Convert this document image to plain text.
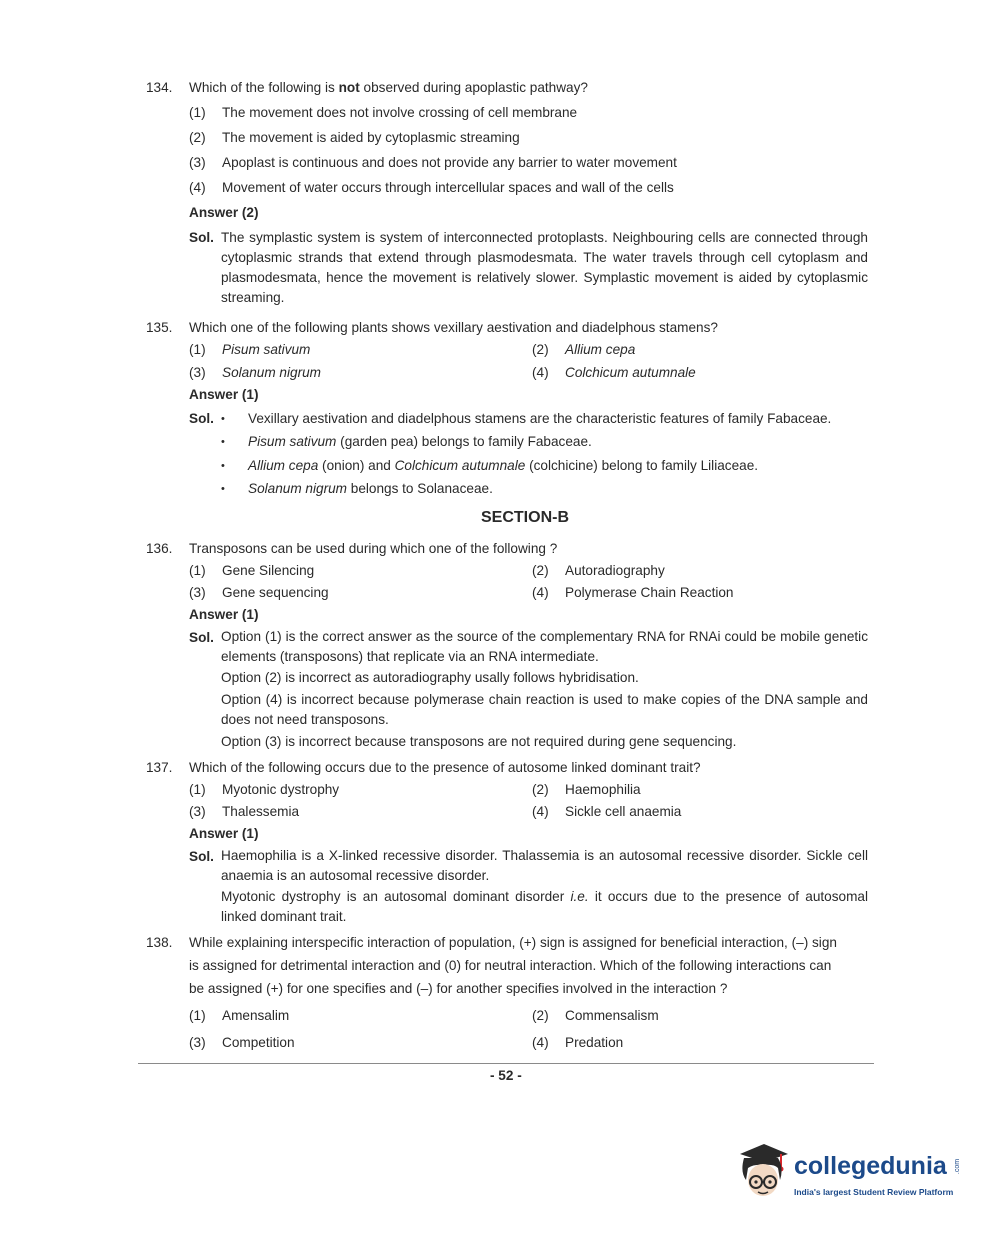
134. Which of the following is not observed during apoplastic pathway?
(1) The movement does not involve crossing of cell membrane
(2) The movement is aided by cytoplasmic streaming
(3) Apoplast is continuous and does not provide any barrier to water movement
(4) Movement of water occurs through intercellular spaces and wall of the cells
Answer (2)
Sol. The symplastic system is system of interconnected protoplasts. Neighbouring cells are connected through cytoplasmic strands that extend through plasmodesmata. The water travels through cell cytoplasm and plasmodesmata, hence the movement is relatively slower. Symplastic movement is aided by cytoplasmic streaming.
135. Which one of the following plants shows vexillary aestivation and diadelphous stamens?
(1) Pisum sativum	(2) Allium cepa
(3) Solanum nigrum	(4) Colchicum autumnale
Answer (1)
Sol. • Vexillary aestivation and diadelphous stamens are the characteristic features of family Fabaceae.
• Pisum sativum (garden pea) belongs to family Fabaceae.
• Allium cepa (onion) and Colchicum autumnale (colchicine) belong to family Liliaceae.
• Solanum nigrum belongs to Solanaceae.
SECTION-B
136. Transposons can be used during which one of the following ?
(1) Gene Silencing	(2) Autoradiography
(3) Gene sequencing	(4) Polymerase Chain Reaction
Answer (1)
Sol. Option (1) is the correct answer as the source of the complementary RNA for RNAi could be mobile genetic elements (transposons) that replicate via an RNA intermediate.
Option (2) is incorrect as autoradiography usally follows hybridisation.
Option (4) is incorrect because polymerase chain reaction is used to make copies of the DNA sample and does not need transposons.
Option (3) is incorrect because transposons are not required during gene sequencing.
137. Which of the following occurs due to the presence of autosome linked dominant trait?
(1) Myotonic dystrophy	(2) Haemophilia
(3) Thalessemia	(4) Sickle cell anaemia
Answer (1)
Sol. Haemophilia is a X-linked recessive disorder. Thalassemia is an autosomal recessive disorder. Sickle cell anaemia is an autosomal recessive disorder.
Myotonic dystrophy is an autosomal dominant disorder i.e. it occurs due to the presence of autosomal linked dominant trait.
138. While explaining interspecific interaction of population, (+) sign is assigned for beneficial interaction, (–) sign
is assigned for detrimental interaction and (0) for neutral interaction. Which of the following interactions can
be assigned (+) for one specifies and (–) for another specifies involved in the interaction ?
(1) Amensalim	(2) Commensalism
(3) Competition	(4) Predation
- 52 -
collegedunia .com
India's largest Student Review Platform
